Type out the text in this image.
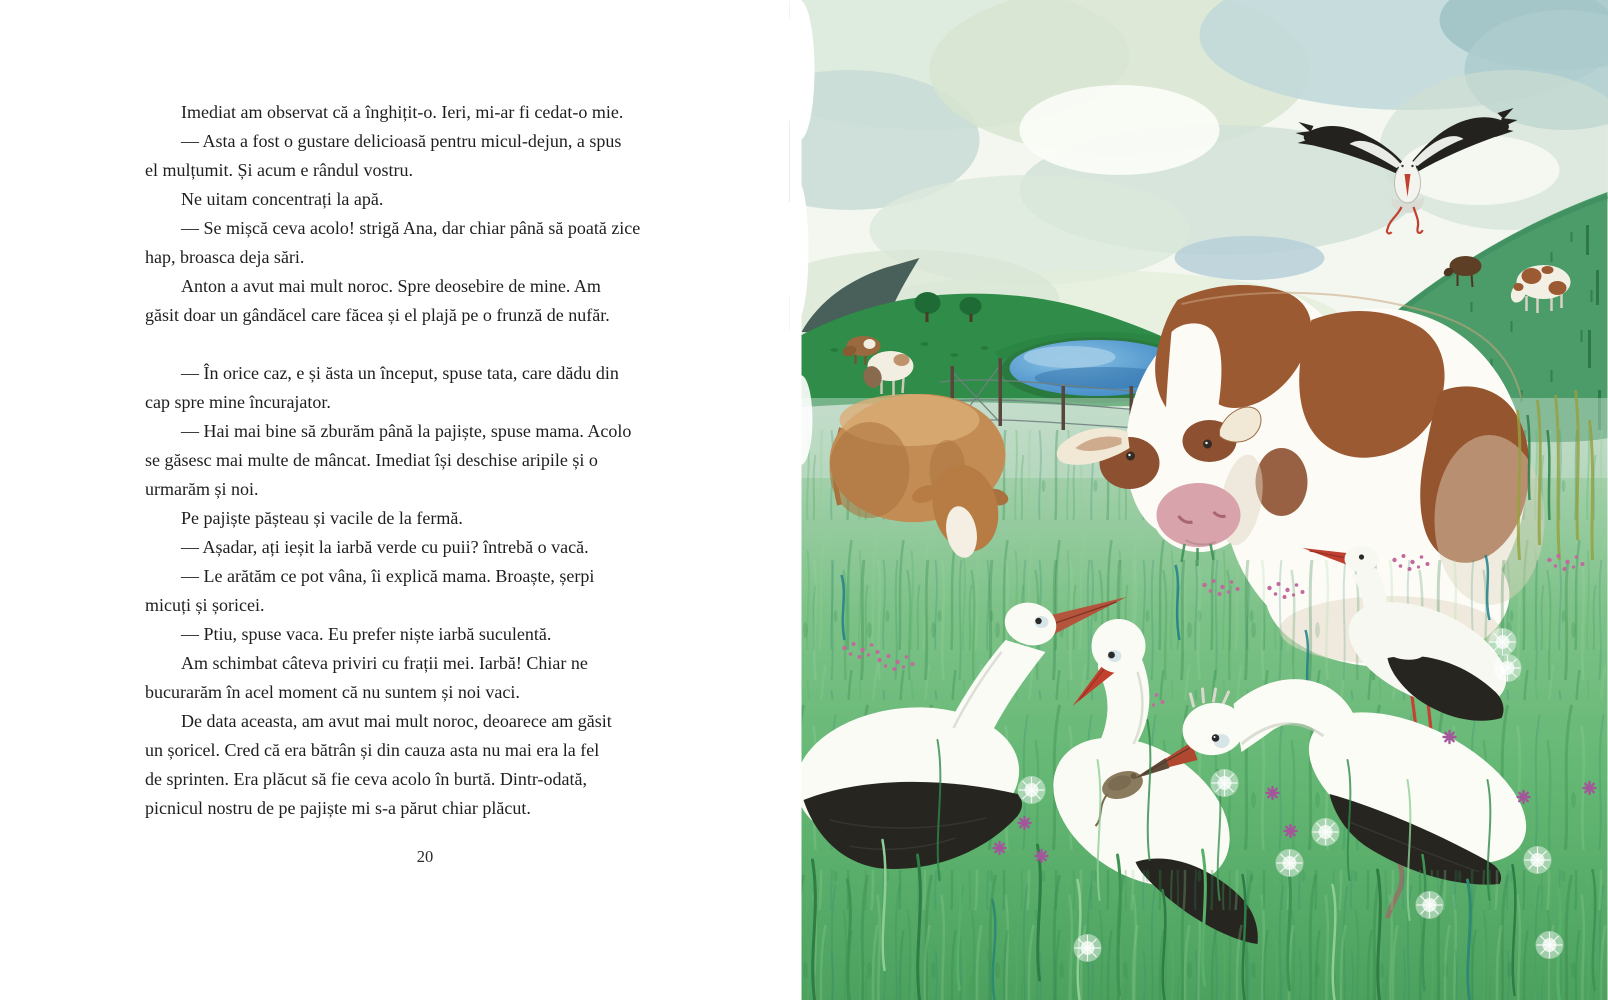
Imediat am observat că a înghițit-o. Ieri, mi-ar fi cedat-o mie.
— Asta a fost o gustare delicioasă pentru micul-dejun, a spus
el mulțumit. Și acum e rândul vostru.
Ne uitam concentrați la apă.
— Se mișcă ceva acolo! strigă Ana, dar chiar până să poată zice
hap, broasca deja sări.
Anton a avut mai mult noroc. Spre deosebire de mine. Am
găsit doar un gândăcel care făcea și el plajă pe o frunză de nufăr.
— În orice caz, e și ăsta un început, spuse tata, care dădu din
cap spre mine încurajator.
— Hai mai bine să zburăm până la pajiște, spuse mama. Acolo
se găsesc mai multe de mâncat. Imediat își deschise aripile și o
urmarăm și noi.
Pe pajiște pășteau și vacile de la fermă.
— Așadar, ați ieșit la iarbă verde cu puii? întrebă o vacă.
— Le arătăm ce pot vâna, îi explică mama. Broaște, șerpi
micuți și șoricei.
— Ptiu, spuse vaca. Eu prefer niște iarbă suculentă.
Am schimbat câteva priviri cu frații mei. Iarbă! Chiar ne
bucurarăm în acel moment că nu suntem și noi vaci.
De data aceasta, am avut mai mult noroc, deoarece am găsit
un șoricel. Cred că era bătrân și din cauza asta nu mai era la fel
de sprinten. Era plăcut să fie ceva acolo în burtă. Dintr-odată,
picnicul nostru de pe pajiște mi s-a părut chiar plăcut.
20
